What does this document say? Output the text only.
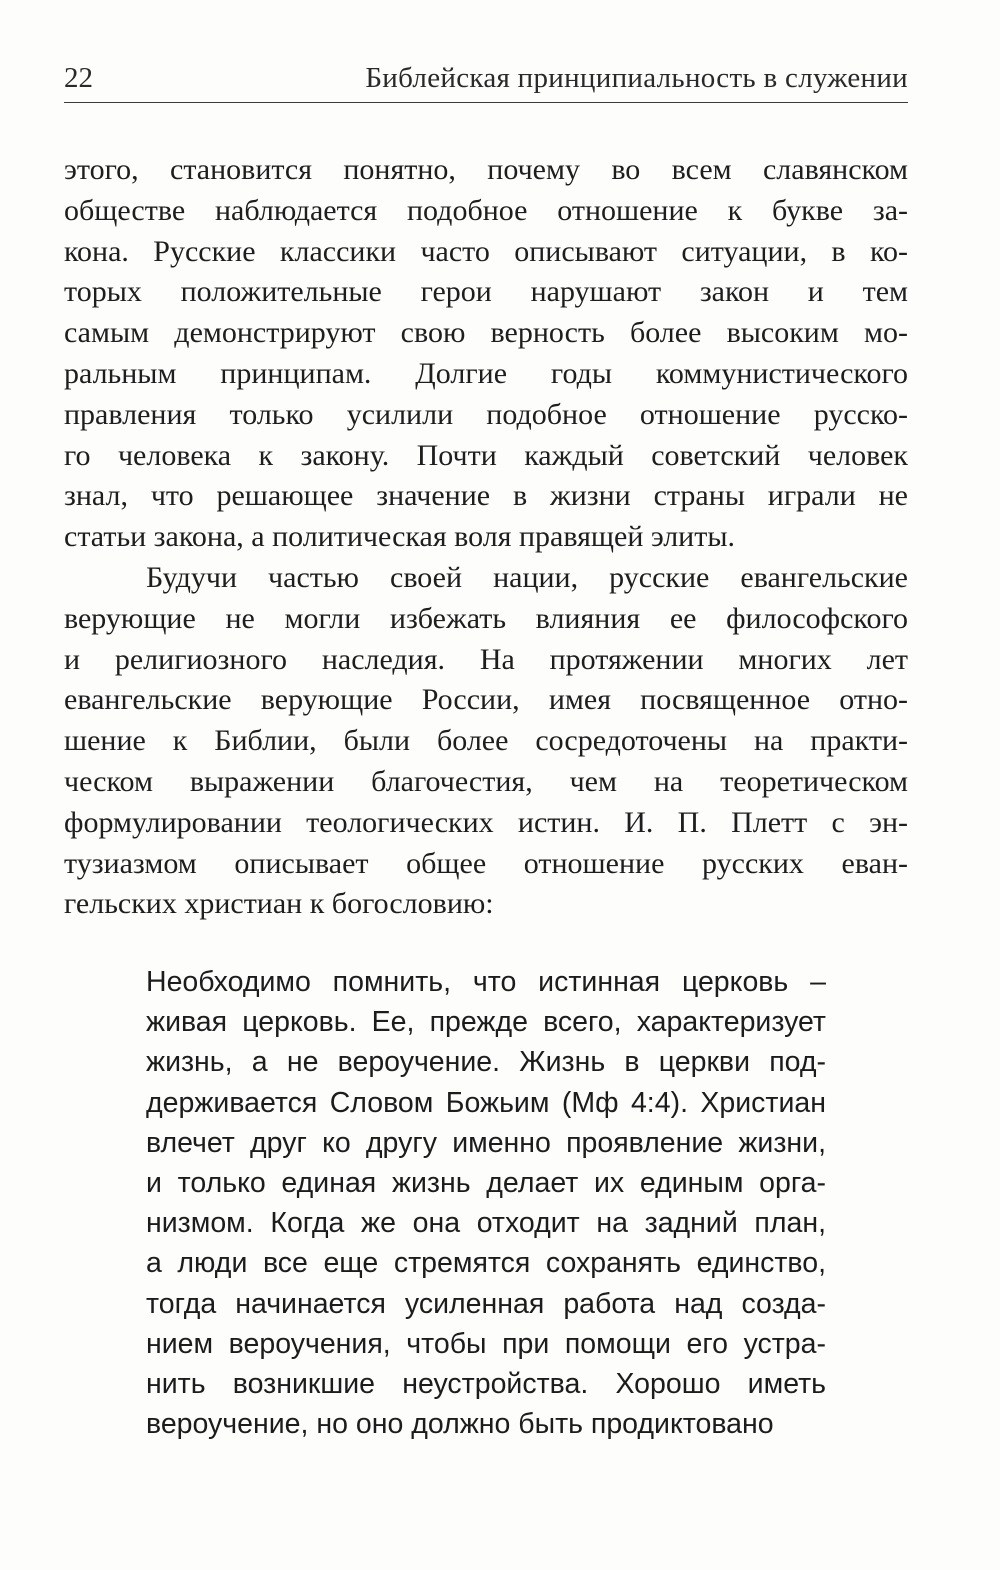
22	Библейская принципиальность в служении
этого, становится понятно, почему во всем славянском
обществе наблюдается подобное отношение к букве за-
кона. Русские классики часто описывают ситуации, в ко-
торых положительные герои нарушают закон и тем
самым демонстрируют свою верность более высоким мо-
ральным принципам. Долгие годы коммунистического
правления только усилили подобное отношение русско-
го человека к закону. Почти каждый советский человек
знал, что решающее значение в жизни страны играли не
статьи закона, а политическая воля правящей элиты.
Будучи частью своей нации, русские евангельские
верующие не могли избежать влияния ее философского
и религиозного наследия. На протяжении многих лет
евангельские верующие России, имея посвященное отно-
шение к Библии, были более сосредоточены на практи-
ческом выражении благочестия, чем на теоретическом
формулировании теологических истин. И. П. Плетт с эн-
тузиазмом описывает общее отношение русских еван-
гельских христиан к богословию:
Необходимо помнить, что истинная церковь –
живая церковь. Ее, прежде всего, характеризует
жизнь, а не вероучение. Жизнь в церкви под-
держивается Словом Божьим (Мф 4:4). Христиан
влечет друг ко другу именно проявление жизни,
и только единая жизнь делает их единым орга-
низмом. Когда же она отходит на задний план,
а люди все еще стремятся сохранять единство,
тогда начинается усиленная работа над созда-
нием вероучения, чтобы при помощи его устра-
нить возникшие неустройства. Хорошо иметь
вероучение, но оно должно быть продиктовано
